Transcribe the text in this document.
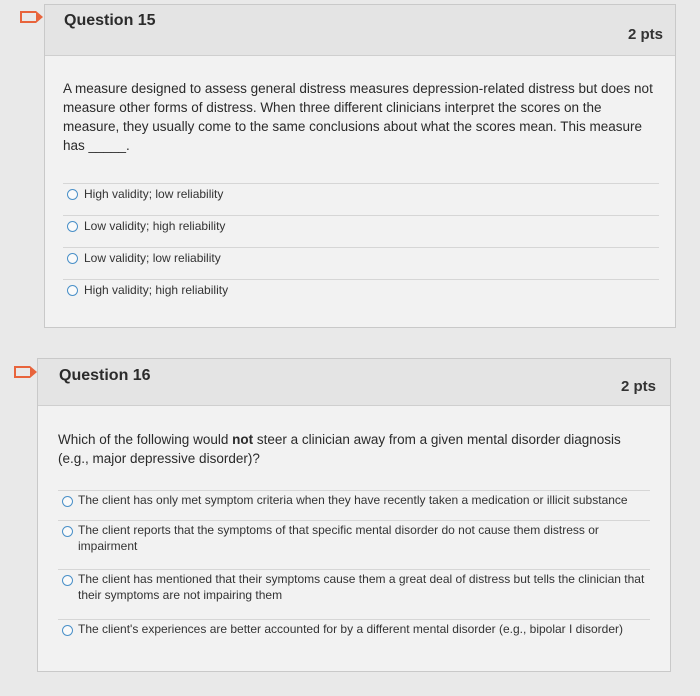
Question 15
2 pts
A measure designed to assess general distress measures depression-related distress but does not measure other forms of distress. When three different clinicians interpret the scores on the measure, they usually come to the same conclusions about what the scores mean. This measure has _____.
High validity; low reliability
Low validity; high reliability
Low validity; low reliability
High validity; high reliability
Question 16
2 pts
Which of the following would not steer a clinician away from a given mental disorder diagnosis (e.g., major depressive disorder)?
The client has only met symptom criteria when they have recently taken a medication or illicit substance
The client reports that the symptoms of that specific mental disorder do not cause them distress or impairment
The client has mentioned that their symptoms cause them a great deal of distress but tells the clinician that their symptoms are not impairing them
The client's experiences are better accounted for by a different mental disorder (e.g., bipolar I disorder)
